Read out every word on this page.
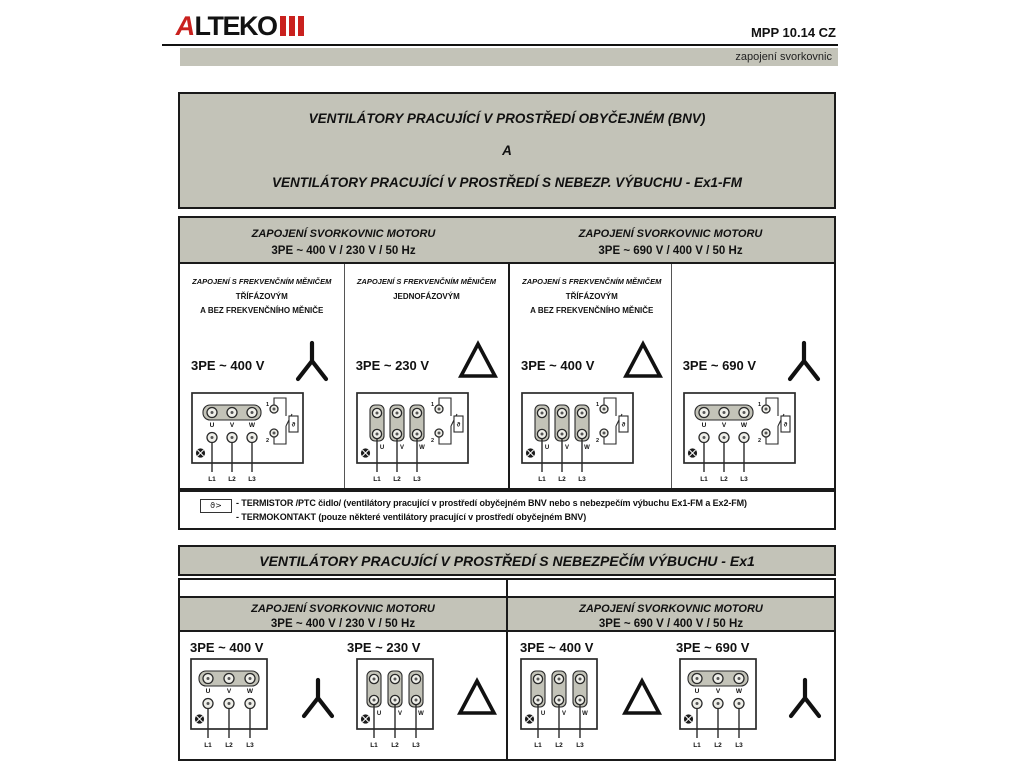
A
LTEKO	MPP 10.14 CZ
zapojení svorkovnic
VENTILÁTORY PRACUJÍCÍ V PROSTŘEDÍ OBYČEJNÉM (BNV)
A
VENTILÁTORY PRACUJÍCÍ V PROSTŘEDÍ S NEBEZP. VÝBUCHU - Ex1-FM
ZAPOJENÍ SVORKOVNIC MOTORU
3PE ~ 400 V / 230 V / 50 Hz
ZAPOJENÍ SVORKOVNIC MOTORU
3PE ~ 690 V / 400 V / 50 Hz
ZAPOJENÍ S FREKVENČNÍM MĚNIČEM
TŘÍFÁZOVÝM
A BEZ FREKVENČNÍHO MĚNIČE
3PE ~ 400 V
U V W
L1 L2 L3
1
2
ϑ
ZAPOJENÍ S FREKVENČNÍM MĚNIČEM
JEDNOFÁZOVÝM
3PE ~ 230 V
U	V	W
L1 L2 L3
1
2
ϑ
ZAPOJENÍ S FREKVENČNÍM MĚNIČEM
TŘÍFÁZOVÝM
A BEZ FREKVENČNÍHO MĚNIČE
3PE ~ 400 V
U	V	W
L1 L2 L3
1
2
ϑ
3PE ~ 690 V
U V W
L1 L2 L3
1
2
ϑ
ϑ>	- TERMISTOR /PTC čidlo/ (ventilátory pracující v prostředí obyčejném BNV nebo s nebezpečím výbuchu Ex1-FM a Ex2-FM)
- TERMOKONTAKT (pouze některé ventilátory pracující v prostředí obyčejném BNV)
VENTILÁTORY PRACUJÍCÍ V PROSTŘEDÍ S NEBEZPEČÍM VÝBUCHU - Ex1
ZAPOJENÍ SVORKOVNIC MOTORU
3PE ~ 400 V / 230 V / 50 Hz
3PE ~ 400 V
U	V W
L1 L2 L3
3PE ~ 230 V
U	V	W
L1 L2 L3
ZAPOJENÍ SVORKOVNIC MOTORU
3PE ~ 690 V / 400 V / 50 Hz
3PE ~ 400 V
U	V	W
L1 L2 L3
3PE ~ 690 V
U	V W
L1 L2 L3
